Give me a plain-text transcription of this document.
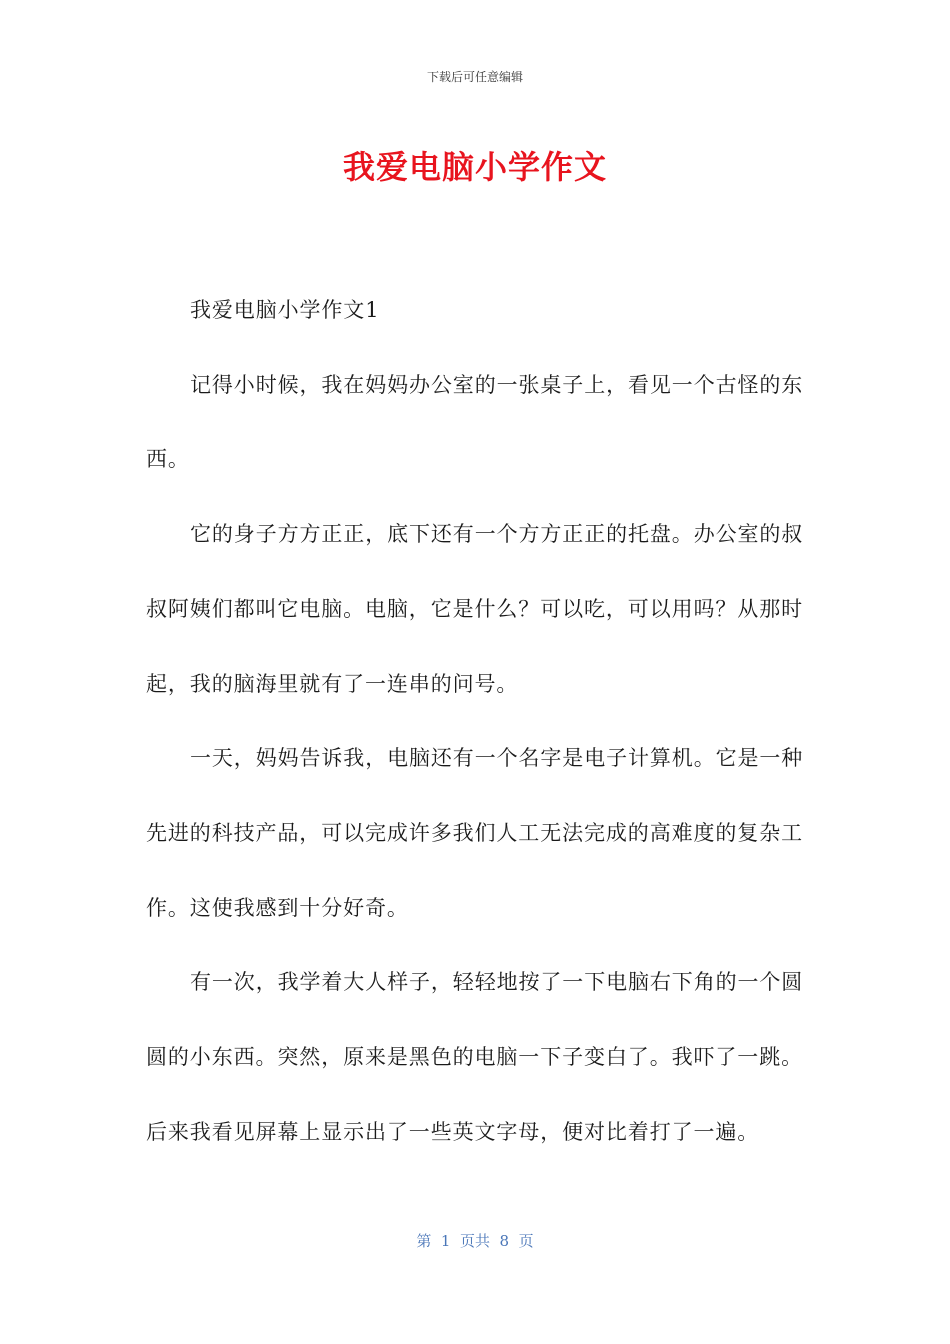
下载后可任意编辑
我爱电脑小学作文

我爱电脑小学作文1

记得小时候，我在妈妈办公室的一张桌子上，看见一个古怪的东西。

它的身子方方正正，底下还有一个方方正正的托盘。办公室的叔叔阿姨们都叫它电脑。电脑，它是什么？可以吃，可以用吗？从那时起，我的脑海里就有了一连串的问号。

一天，妈妈告诉我，电脑还有一个名字是电子计算机。它是一种先进的科技产品，可以完成许多我们人工无法完成的高难度的复杂工作。这使我感到十分好奇。

有一次，我学着大人样子，轻轻地按了一下电脑右下角的一个圆圆的小东西。突然，原来是黑色的电脑一下子变白了。我吓了一跳。后来我看见屏幕上显示出了一些英文字母，便对比着打了一遍。

第  1  页共  8  页
